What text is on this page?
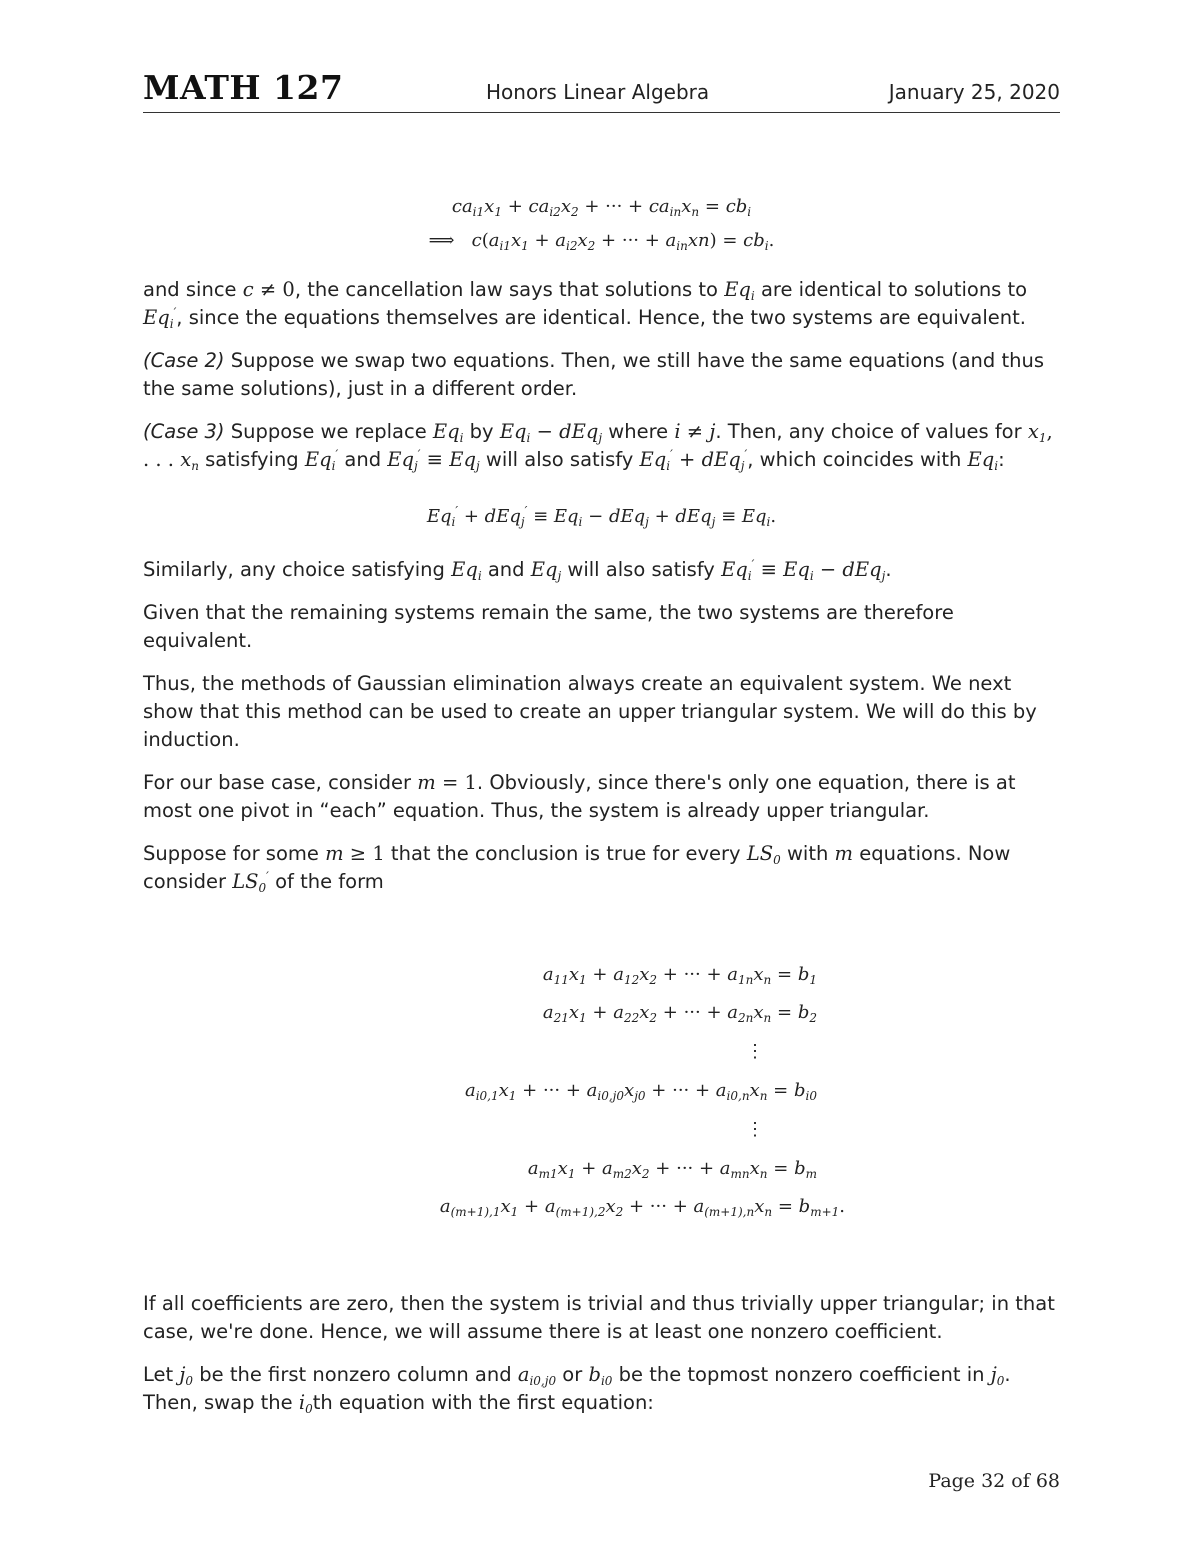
MATH 127	Honors Linear Algebra	January 25, 2020
$ca_{i1}x_1 + ca_{i2}x_2$ + ··· + $ca_{in}x_n = cb_i$
⟹   $c(a_{i1}x_1 + a_{i2}x_2$ + ··· + $a_{in}xn) = cb_i$.

and since c ≠ 0, the cancellation law says that solutions to $Eq_i$ are identical to solutions to $Eq_i'$, since the equations themselves are identical. Hence, the two systems are equivalent.

(Case 2) Suppose we swap two equations. Then, we still have the same equations (and thus the same solutions), just in a different order.

(Case 3) Suppose we replace $Eq_i$ by $Eq_i - dEq_j$ where i ≠ j. Then, any choice of values for $x_1$, . . . $x_n$ satisfying $Eq_i'$ and $Eq_j' \equiv Eq_j$ will also satisfy $Eq_i' + dEq_j'$, which coincides with $Eq_i$:

$Eq_i' + dEq_j' \equiv Eq_i - dEq_j + dEq_j \equiv Eq_i$.

Similarly, any choice satisfying $Eq_i$ and $Eq_j$ will also satisfy $Eq_i' \equiv Eq_i - dEq_j$.

Given that the remaining systems remain the same, the two systems are therefore equivalent.

Thus, the methods of Gaussian elimination always create an equivalent system. We next show that this method can be used to create an upper triangular system. We will do this by induction.

For our base case, consider m = 1. Obviously, since there's only one equation, there is at most one pivot in “each” equation. Thus, the system is already upper triangular.

Suppose for some m ≥ 1 that the conclusion is true for every $LS_0$ with m equations. Now consider $LS_0'$ of the form

$a_{11}x_1 + a_{12}x_2$ + ··· + $a_{1n}x_n = b_1$
$a_{21}x_1 + a_{22}x_2$ + ··· + $a_{2n}x_n = b_2$
⋮
$a_{i0,1}x_1$ + ··· + $a_{i0,j0}x_{j0}$ + ··· + $a_{i0,n}x_n = b_{i0}$
⋮
$a_{m1}x_1 + a_{m2}x_2$ + ··· + $a_{mn}x_n = b_m$
$a_{(m+1),1}x_1 + a_{(m+1),2}x_2$ + ··· + $a_{(m+1),n}x_n = b_{m+1}$.

If all coefficients are zero, then the system is trivial and thus trivially upper triangular; in that case, we're done. Hence, we will assume there is at least one nonzero coefficient.

Let $j_0$ be the first nonzero column and $a_{i0,j0}$ or $b_{i0}$ be the topmost nonzero coefficient in $j_0$. Then, swap the $i_0th$ equation with the first equation:

Page 32 of 68
